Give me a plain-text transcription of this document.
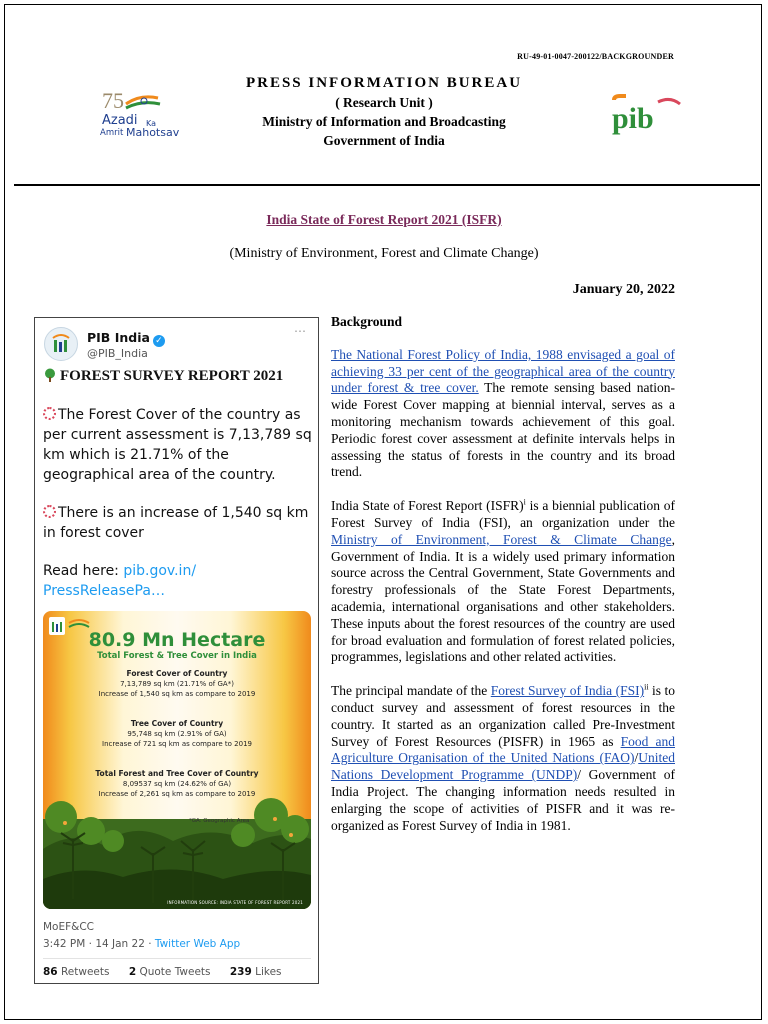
RU-49-01-0047-200122/BACKGROUNDER
75
Azadi Ka
Amrit Mahotsav
PRESS INFORMATION BUREAU
( Research Unit )
Ministry of Information and Broadcasting
Government of India
pib
India State of Forest Report 2021 (ISFR)
(Ministry of Environment, Forest and Climate Change)
January 20, 2022
PIB India ✓
@PIB_India
⋯
FOREST SURVEY REPORT 2021

The Forest Cover of the country as per current assessment is 7,13,789 sq km which is 21.71% of the geographical area of the country.

There is an increase of 1,540 sq km in forest cover

Read here: pib.gov.in/ PressReleasePa…

80.9 Mn Hectare
Total Forest & Tree Cover in India
Forest Cover of Country
7,13,789 sq km (21.71% of GA*)
Increase of 1,540 sq km as compare to 2019
Tree Cover of Country
95,748 sq km (2.91% of GA)
Increase of 721 sq km as compare to 2019
Total Forest and Tree Cover of Country
8,09537 sq km (24.62% of GA)
Increase of 2,261 sq km as compare to 2019
*GA: Geographic Area
INFORMATION SOURCE: INDIA STATE OF FOREST REPORT 2021
MoEF&CC
3:42 PM · 14 Jan 22 · Twitter Web App
86 Retweets 2 Quote Tweets 239 Likes
Background

The National Forest Policy of India, 1988 envisaged a goal of achieving 33 per cent of the geographical area of the country under forest & tree cover. The remote sensing based nation-wide Forest Cover mapping at biennial interval, serves as a monitoring mechanism towards achievement of this goal. Periodic forest cover assessment at definite intervals helps in assessing the status of forests in the country and its broad trend.

India State of Forest Report (ISFR)$^i$ is a biennial publication of Forest Survey of India (FSI), an organization under the Ministry of Environment, Forest & Climate Change, Government of India. It is a widely used primary information source across the Central Government, State Governments and forestry professionals of the State Forest Departments, academia, international organisations and other stakeholders. These inputs about the forest resources of the country are used for broad evaluation and formulation of forest related policies, programmes, legislations and other related activities.

The principal mandate of the Forest Survey of India (FSI)$^{ii}$ is to conduct survey and assessment of forest resources in the country. It started as an organization called Pre-Investment Survey of Forest Resources (PISFR) in 1965 as Food and Agriculture Organisation of the United Nations (FAO)/United Nations Development Programme (UNDP)/ Government of India Project. The changing information needs resulted in enlarging the scope of activities of PISFR and it was re-organized as Forest Survey of India in 1981.
